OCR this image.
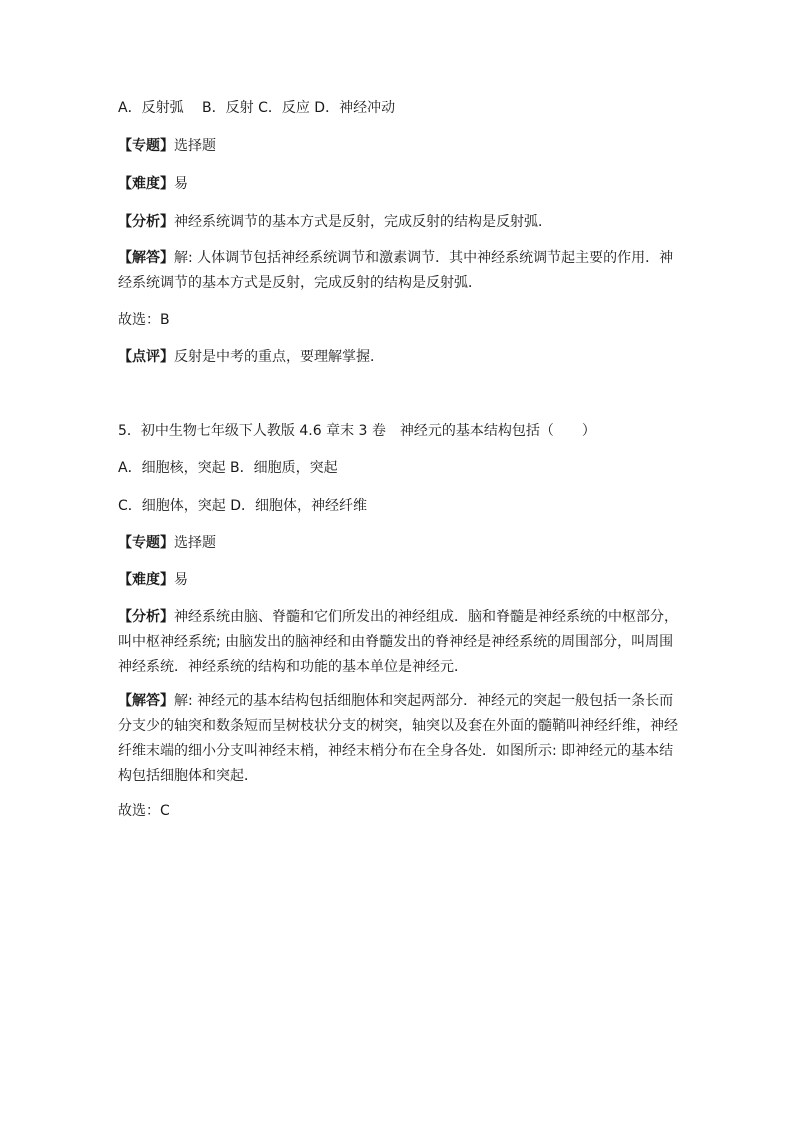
A．反射弧　 B．反射 C．反应 D．神经冲动
【专题】选择题
【难度】易
【分析】神经系统调节的基本方式是反射，完成反射的结构是反射弧．
【解答】解: 人体调节包括神经系统调节和激素调节．其中神经系统调节起主要的作用．神
经系统调节的基本方式是反射，完成反射的结构是反射弧．
故选：B
【点评】反射是中考的重点，要理解掌握．
5．初中生物七年级下人教版 4.6 章末 3 卷　神经元的基本结构包括（　　）
A．细胞核，突起 B．细胞质，突起
C．细胞体，突起 D．细胞体，神经纤维
【专题】选择题
【难度】易
【分析】神经系统由脑、脊髓和它们所发出的神经组成．脑和脊髓是神经系统的中枢部分，
叫中枢神经系统; 由脑发出的脑神经和由脊髓发出的脊神经是神经系统的周围部分，叫周围
神经系统．神经系统的结构和功能的基本单位是神经元．
【解答】解: 神经元的基本结构包括细胞体和突起两部分．神经元的突起一般包括一条长而
分支少的轴突和数条短而呈树枝状分支的树突，轴突以及套在外面的髓鞘叫神经纤维，神经
纤维末端的细小分支叫神经末梢，神经末梢分布在全身各处．如图所示: 即神经元的基本结
构包括细胞体和突起．
故选：C
